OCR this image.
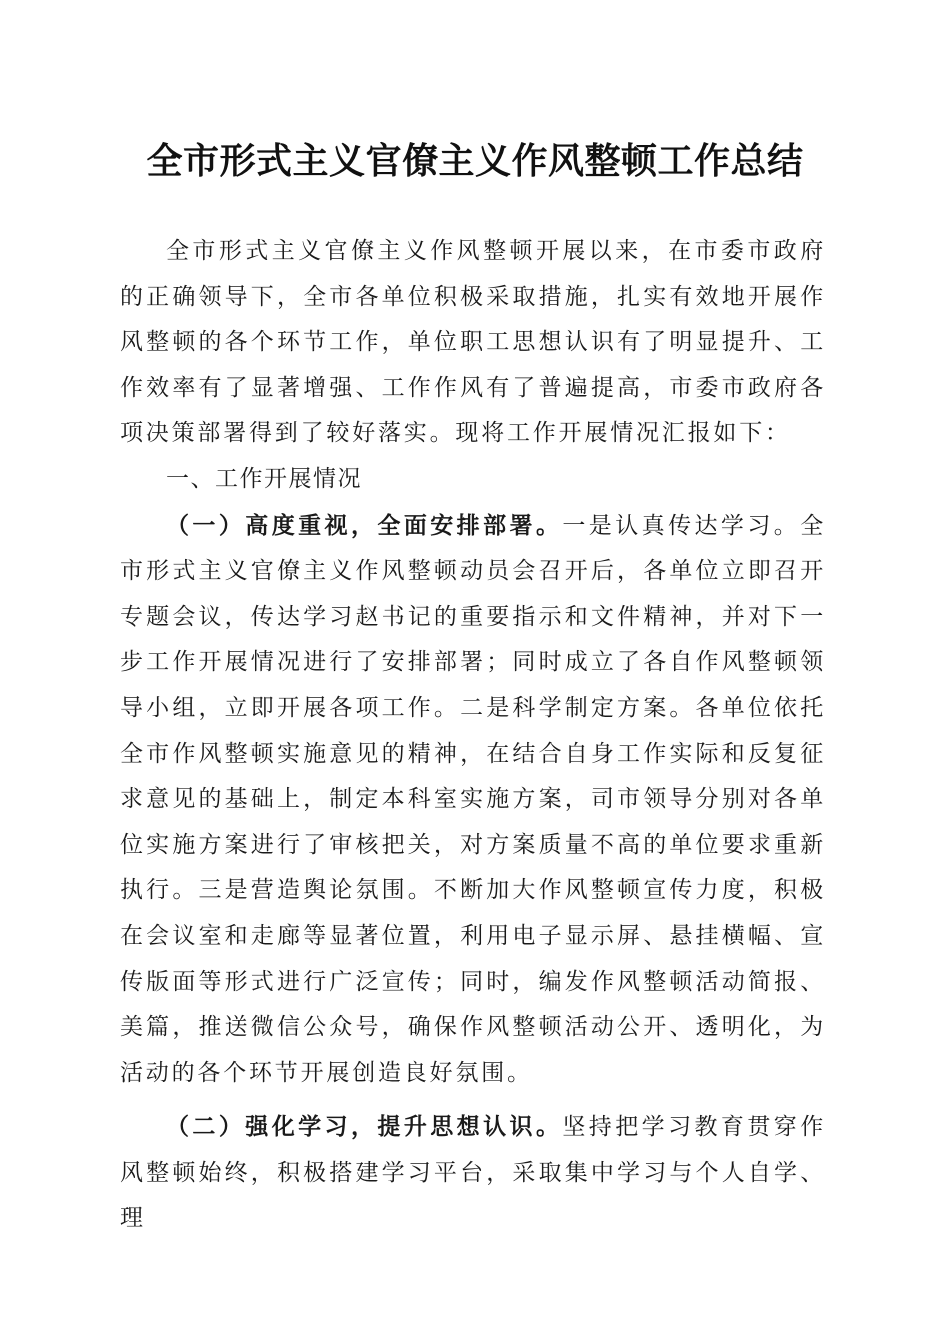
全市形式主义官僚主义作风整顿工作总结

全市形式主义官僚主义作风整顿开展以来，在市委市政府的正确领导下，全市各单位积极采取措施，扎实有效地开展作风整顿的各个环节工作，单位职工思想认识有了明显提升、工作效率有了显著增强、工作作风有了普遍提高，市委市政府各项决策部署得到了较好落实。现将工作开展情况汇报如下：

一、工作开展情况

（一）高度重视，全面安排部署。一是认真传达学习。全市形式主义官僚主义作风整顿动员会召开后，各单位立即召开专题会议，传达学习赵书记的重要指示和文件精神，并对下一步工作开展情况进行了安排部署；同时成立了各自作风整顿领导小组，立即开展各项工作。二是科学制定方案。各单位依托全市作风整顿实施意见的精神，在结合自身工作实际和反复征求意见的基础上，制定本科室实施方案，司市领导分别对各单位实施方案进行了审核把关，对方案质量不高的单位要求重新执行。三是营造舆论氛围。不断加大作风整顿宣传力度，积极在会议室和走廊等显著位置，利用电子显示屏、悬挂横幅、宣传版面等形式进行广泛宣传；同时，编发作风整顿活动简报、美篇，推送微信公众号，确保作风整顿活动公开、透明化，为活动的各个环节开展创造良好氛围。

（二）强化学习，提升思想认识。坚持把学习教育贯穿作风整顿始终，积极搭建学习平台，采取集中学习与个人自学、理
